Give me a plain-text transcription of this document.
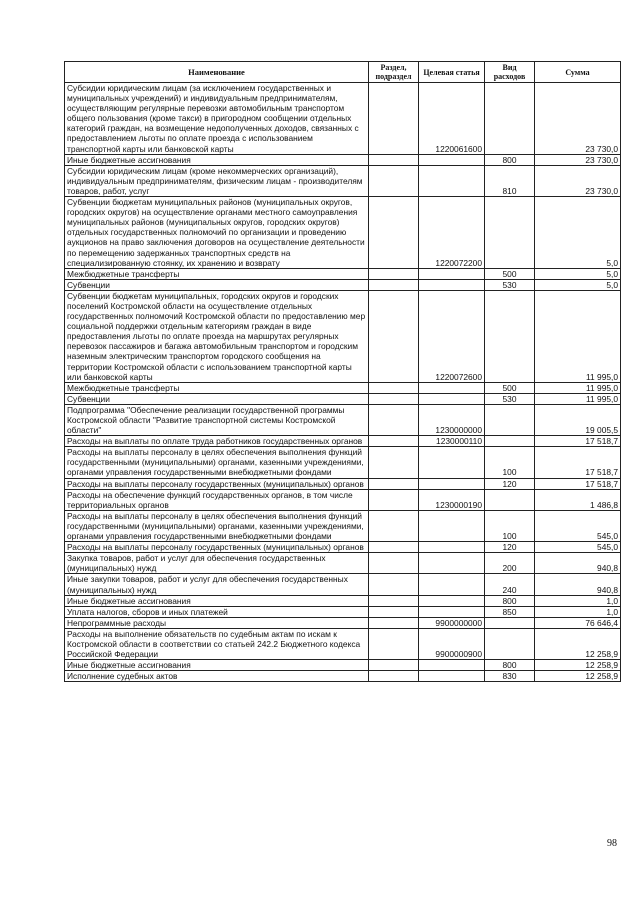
Наименование	Раздел, подраздел	Целевая статья	Вид расходов	Сумма
Субсидии юридическим лицам (за исключением государственных и муниципальных учреждений) и индивидуальным предпринимателям, осуществляющим регулярные перевозки автомобильным транспортом общего пользования (кроме такси) в пригородном сообщении отдельных категорий граждан, на возмещение недополученных доходов, связанных с предоставлением льготы по оплате проезда с использованием транспортной карты или банковской карты		1220061600		23 730,0
Иные бюджетные ассигнования			800	23 730,0
Субсидии юридическим лицам (кроме некоммерческих организаций), индивидуальным предпринимателям, физическим лицам - производителям товаров, работ, услуг			810	23 730,0
Субвенции бюджетам муниципальных районов (муниципальных округов, городских округов) на осуществление органами местного самоуправления муниципальных районов (муниципальных округов, городских округов) отдельных государственных полномочий по организации и проведению аукционов на право заключения договоров на осуществление деятельности по перемещению задержанных транспортных средств на специализированную стоянку, их хранению и возврату		1220072200		5,0
Межбюджетные трансферты			500	5,0
Субвенции			530	5,0
Субвенции бюджетам муниципальных, городских округов и городских поселений Костромской области на осуществление отдельных государственных полномочий Костромской области по предоставлению мер социальной поддержки отдельным категориям граждан в виде предоставления льготы по оплате проезда на маршрутах регулярных перевозок пассажиров и багажа автомобильным транспортом и городским наземным электрическим транспортом городского сообщения на территории Костромской области с использованием транспортной карты или банковской карты		1220072600		11 995,0
Межбюджетные трансферты			500	11 995,0
Субвенции			530	11 995,0
Подпрограмма "Обеспечение реализации государственной программы Костромской области "Развитие транспортной системы Костромской области"		1230000000		19 005,5
Расходы на выплаты по оплате труда работников государственных органов		1230000110		17 518,7
Расходы на выплаты персоналу в целях обеспечения выполнения функций государственными (муниципальными) органами, казенными учреждениями, органами управления государственными внебюджетными фондами			100	17 518,7
Расходы на выплаты персоналу государственных (муниципальных) органов			120	17 518,7
Расходы на обеспечение функций государственных органов, в том числе территориальных органов		1230000190		1 486,8
Расходы на выплаты персоналу в целях обеспечения выполнения функций государственными (муниципальными) органами, казенными учреждениями, органами управления государственными внебюджетными фондами			100	545,0
Расходы на выплаты персоналу государственных (муниципальных) органов			120	545,0
Закупка товаров, работ и услуг для обеспечения государственных (муниципальных) нужд			200	940,8
Иные закупки товаров, работ и услуг для обеспечения государственных (муниципальных) нужд			240	940,8
Иные бюджетные ассигнования			800	1,0
Уплата налогов, сборов и иных платежей			850	1,0
Непрограммные расходы		9900000000		76 646,4
Расходы на выполнение обязательств по судебным актам по искам к Костромской области в соответствии со статьей 242.2 Бюджетного кодекса Российской Федерации		9900000900		12 258,9
Иные бюджетные ассигнования			800	12 258,9
Исполнение судебных актов			830	12 258,9
98
